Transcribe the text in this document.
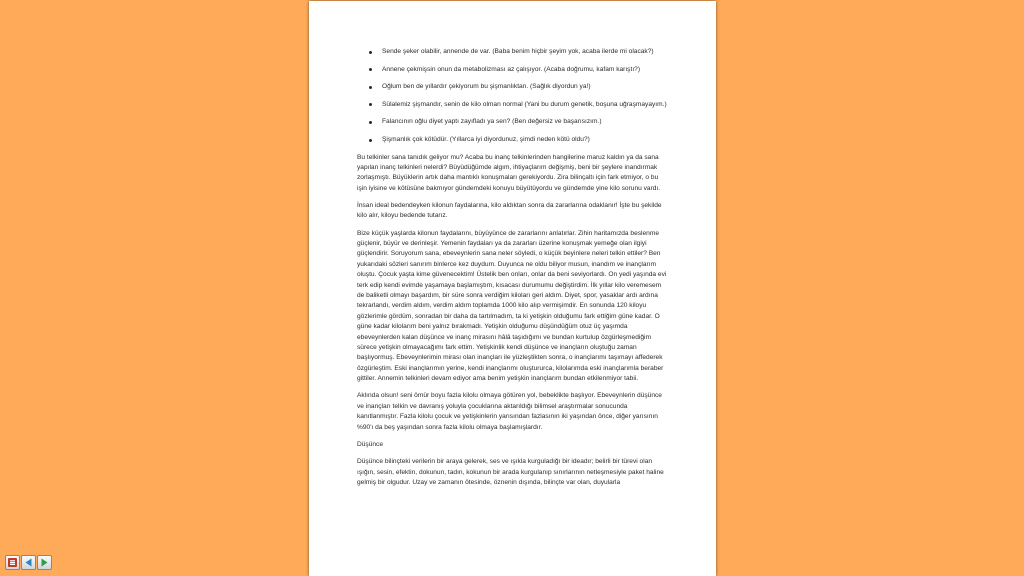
Sende şeker olabilir, annende de var. (Baba benim hiçbir şeyim yok, acaba ilerde mi olacak?)
Annene çekmişsin onun da metabolizması az çalışıyor. (Acaba doğrumu, kafam karıştı?)
Oğlum ben de yıllardır çekiyorum bu şişmanlıktan. (Sağlık diyordun ya!)
Sülalemiz şişmandır, senin de kilo olman normal (Yani bu durum genetik, boşuna uğraşmayayım.)
Falancının oğlu diyet yaptı zayıfladı ya sen? (Ben değersiz ve başarısızım.)
Şişmanlık çok kötüdür. (Yıllarca iyi diyordunuz, şimdi neden kötü oldu?)

Bu telkinler sana tanıdık geliyor mu? Acaba bu inanç telkinlerinden hangilerine maruz kaldın ya da sana yapılan inanç telkinleri nelerdi? Büyüdüğümde algım, ihtiyaçlarım değişmiş, beni bir şeylere inandırmak zorlaşmıştı. Büyüklerin artık daha mantıklı konuşmaları gerekiyordu. Zira bilinçaltı için fark etmiyor, o bu işin iyisine ve kötüsüne bakmıyor gündemdeki konuyu büyütüyordu ve gündemde yine kilo sorunu vardı.

İnsan ideal bedendeyken kilonun faydalarına, kilo aldıktan sonra da zararlarına odaklanır! İşte bu şekilde kilo alır, kiloyu bedende tutarız.

Bize küçük yaşlarda kilonun faydalarını, büyüyünce de zararlarını anlatırlar. Zihin haritamızda beslenme güçlenir, büyür ve derinleşir. Yemenin faydaları ya da zararları üzerine konuşmak yemeğe olan ilgiyi güçlendirir. Soruyorum sana, ebeveynlerin sana neler söyledi, o küçük beyinlere neleri telkin ettiler? Ben yukarıdaki sözleri sanırım binlerce kez duydum. Duyunca ne oldu biliyor musun, inandım ve inançlarım oluştu. Çocuk yaşta kime güvenecektim! Üstelik ben onları, onlar da beni seviyorlardı. On yedi yaşında evi terk edip kendi evimde yaşamaya başlamıştım, kısacası durumumu değiştirdim. İlk yıllar kilo veremesem de baliketli olmayı başardım, bir süre sonra verdiğim kiloları geri aldım. Diyet, spor, yasaklar ardı ardına tekrarlandı, verdim aldım, verdim aldım toplamda 1000 kilo alıp vermişimdir. En sonunda 120 kiloyu gözlerimle gördüm, sonradan bir daha da tartılmadım, ta ki yetişkin olduğumu fark ettiğim güne kadar. O güne kadar kilolarım beni yalnız bırakmadı. Yetişkin olduğumu düşündüğüm otuz üç yaşımda ebeveynlerden kalan düşünce ve inanç mirasını hâlâ taşıdığımı ve bundan kurtulup özgürleşmediğim sürece yetişkin olmayacağımı fark ettim. Yetişkinlik kendi düşünce ve inançların oluştuğu zaman başlıyormuş. Ebeveynlerimin mirası olan inançları ile yüzleştikten sonra, o inançlarımı taşımayı affederek özgürleştim. Eski inançlarımın yerine, kendi inançlarımı oluştururca, kilolarımda eski inançlarımla beraber gittiler. Annemin telkinleri devam ediyor ama benim yetişkin inançlarım bundan etkilenmiyor tabii.

Aklında olsun! seni ömür boyu fazla kilolu olmaya götüren yol, bebeklikte başlıyor. Ebeveynlerin düşünce ve inançları telkin ve davranış yoluyla çocuklarına aktarıldığı bilimsel araştırmalar sonucunda kanıtlanmıştır. Fazla kilolu çocuk ve yetişkinlerin yarısından fazlasının iki yaşından önce, diğer yarısının %90'ı da beş yaşından sonra fazla kilolu olmaya başlamışlardır.

Düşünce

Düşünce bilinçteki verilerin bir araya gelerek, ses ve ışıkla kurguladığı bir ideadır; belirli bir türevi olan ışığın, sesin, efektin, dokunun, tadın, kokunun bir arada kurgulanıp sınırlarının netleşmesiyle paket haline gelmiş bir olgudur. Uzay ve zamanın ötesinde, öznenin dışında, bilinçte var olan, duyularla
